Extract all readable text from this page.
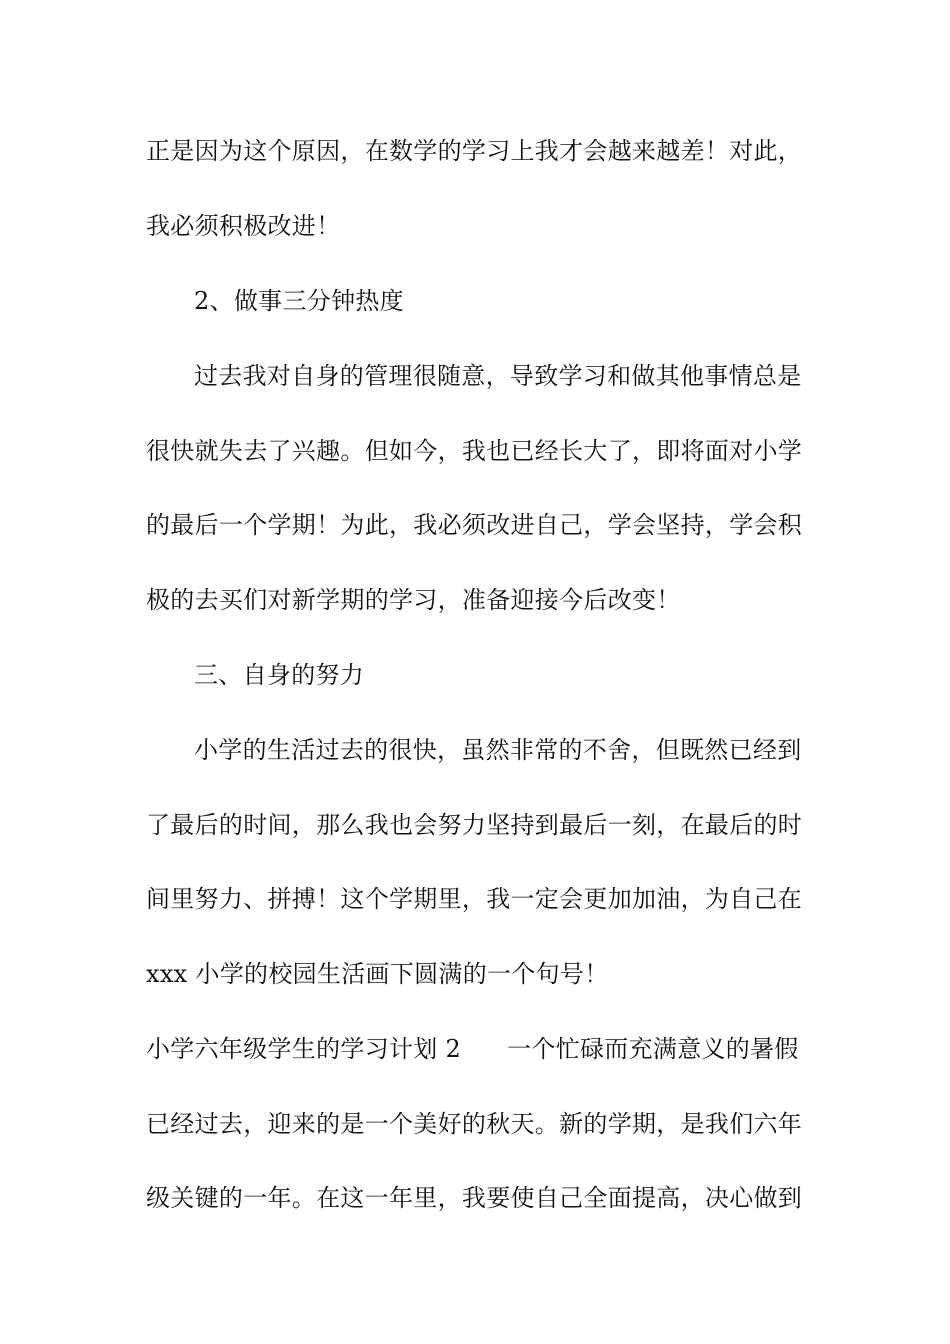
正是因为这个原因，在数学的学习上我才会越来越差！对此，
我必须积极改进！
2、做事三分钟热度
过去我对自身的管理很随意，导致学习和做其他事情总是
很快就失去了兴趣。但如今，我也已经长大了，即将面对小学
的最后一个学期！为此，我必须改进自己，学会坚持，学会积
极的去买们对新学期的学习，准备迎接今后改变！
三、自身的努力
小学的生活过去的很快，虽然非常的不舍，但既然已经到
了最后的时间，那么我也会努力坚持到最后一刻，在最后的时
间里努力、拼搏！这个学期里，我一定会更加加油，为自己在
xxx 小学的校园生活画下圆满的一个句号！
小学六年级学生的学习计划 2 一个忙碌而充满意义的暑假
已经过去，迎来的是一个美好的秋天。新的学期，是我们六年
级关键的一年。在这一年里，我要使自己全面提高，决心做到
